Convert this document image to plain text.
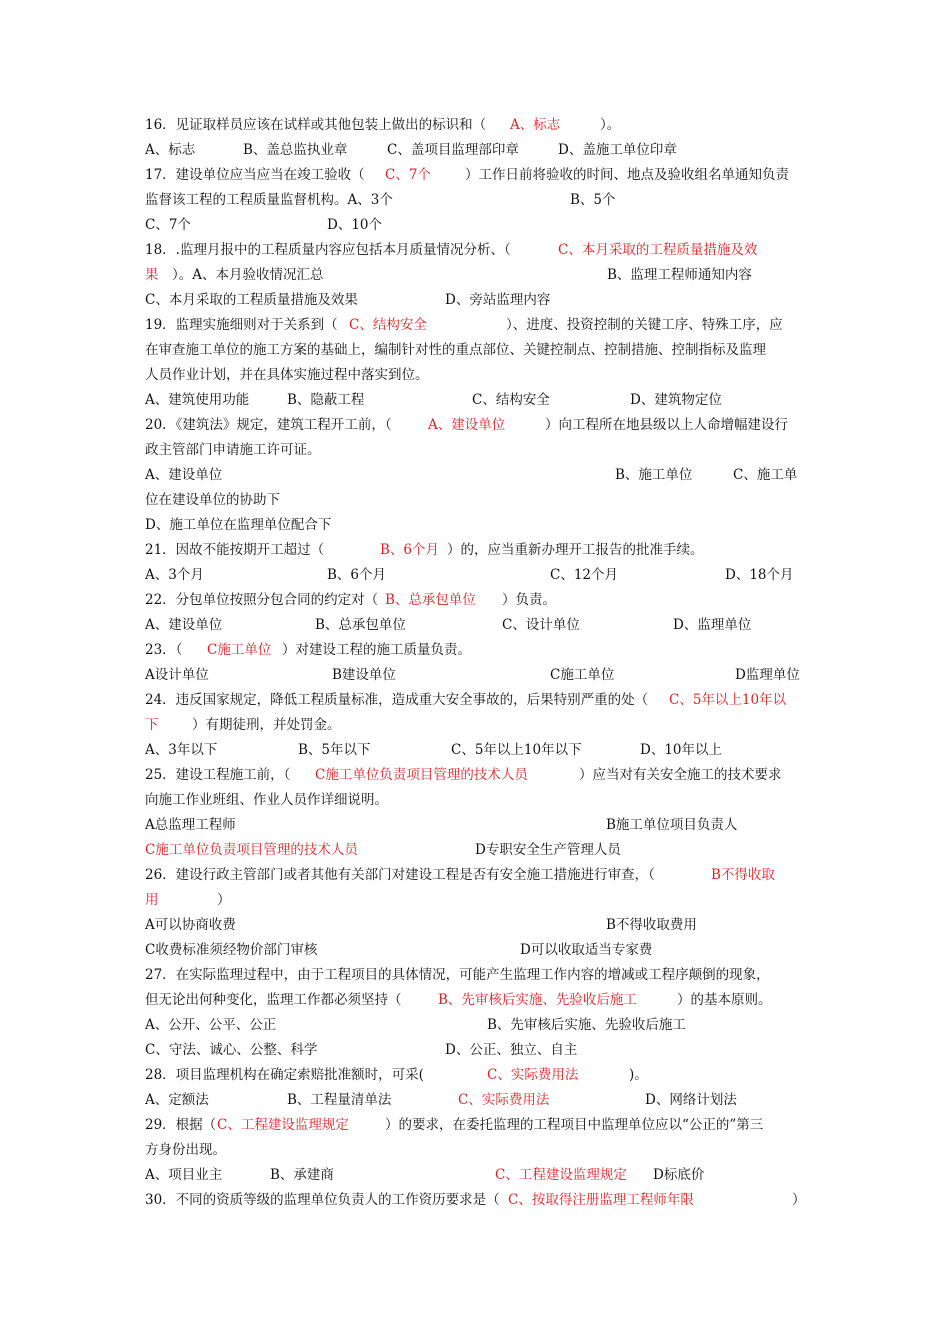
16．见证取样员应该在试样或其他包装上做出的标识和（ A、标志	）。
A、标志	B、盖总监执业章	C、盖项目监理部印章	D、盖施工单位印章
17．建设单位应当应当在竣工验收（ C、7个	）工作日前将验收的时间、地点及验收组名单通知负责
监督该工程的工程质量监督机构。A、3个	B、5个
C、7个	D、10个
18．.监理月报中的工程质量内容应包括本月质量情况分析、（	C、本月采取的工程质量措施及效
果 ）。A、本月验收情况汇总	B、监理工程师通知内容
C、本月采取的工程质量措施及效果	D、旁站监理内容
19．监理实施细则对于关系到（ C、结构安全	）、进度、投资控制的关键工序、特殊工序，应
在审查施工单位的施工方案的基础上，编制针对性的重点部位、关键控制点、控制措施、控制指标及监理
人员作业计划，并在具体实施过程中落实到位。
A、建筑使用功能	B、隐蔽工程	C、结构安全	D、建筑物定位
20．《建筑法》规定，建筑工程开工前，（	A、建设单位	）向工程所在地县级以上人命增幅建设行
政主管部门申请施工许可证。
A、建设单位	B、施工单位	C、施工单
位在建设单位的协助下
D、施工单位在监理单位配合下
21．因故不能按期开工超过（	B、6个月 ）的，应当重新办理开工报告的批准手续。
A、3个月	B、6个月	C、12个月	D、18个月
22．分包单位按照分包合同的约定对（ B、总承包单位 ）负责。
A、建设单位	B、总承包单位	C、设计单位	D、监理单位
23．（ C施工单位 ）对建设工程的施工质量负责。
A设计单位	B建设单位	C施工单位	D监理单位
24．违反国家规定，降低工程质量标准，造成重大安全事故的，后果特别严重的处（ C、5年以上10年以
下 ）有期徒刑，并处罚金。
A、3年以下	B、5年以下	C、5年以上10年以下	D、10年以上
25．建设工程施工前，（ C施工单位负责项目管理的技术人员	）应当对有关安全施工的技术要求
向施工作业班组、作业人员作详细说明。
A总监理工程师	B施工单位项目负责人
C施工单位负责项目管理的技术人员	D专职安全生产管理人员
26．建设行政主管部门或者其他有关部门对建设工程是否有安全施工措施进行审查，（	B不得收取
用	）
A可以协商收费	B不得收取费用
C收费标准须经物价部门审核	D可以收取适当专家费
27．在实际监理过程中，由于工程项目的具体情况，可能产生监理工作内容的增减或工程序颠倒的现象，
但无论出何种变化，监理工作都必须坚持（	B、先审核后实施、先验收后施工	）的基本原则。
A、公开、公平、公正	B、先审核后实施、先验收后施工
C、守法、诚心、公整、科学	D、公正、独立、自主
28．项目监理机构在确定索赔批准额时，可采(	C、实际费用法	)。
A、定额法	B、工程量清单法	C、实际费用法	D、网络计划法
29．根据（ C、工程建设监理规定	）的要求，在委托监理的工程项目中监理单位应以“公正的”第三
方身份出现。
A、项目业主	B、承建商	C、工程建设监理规定 D标底价
30．不同的资质等级的监理单位负责人的工作资历要求是（ C、按取得注册监理工程师年限	）
